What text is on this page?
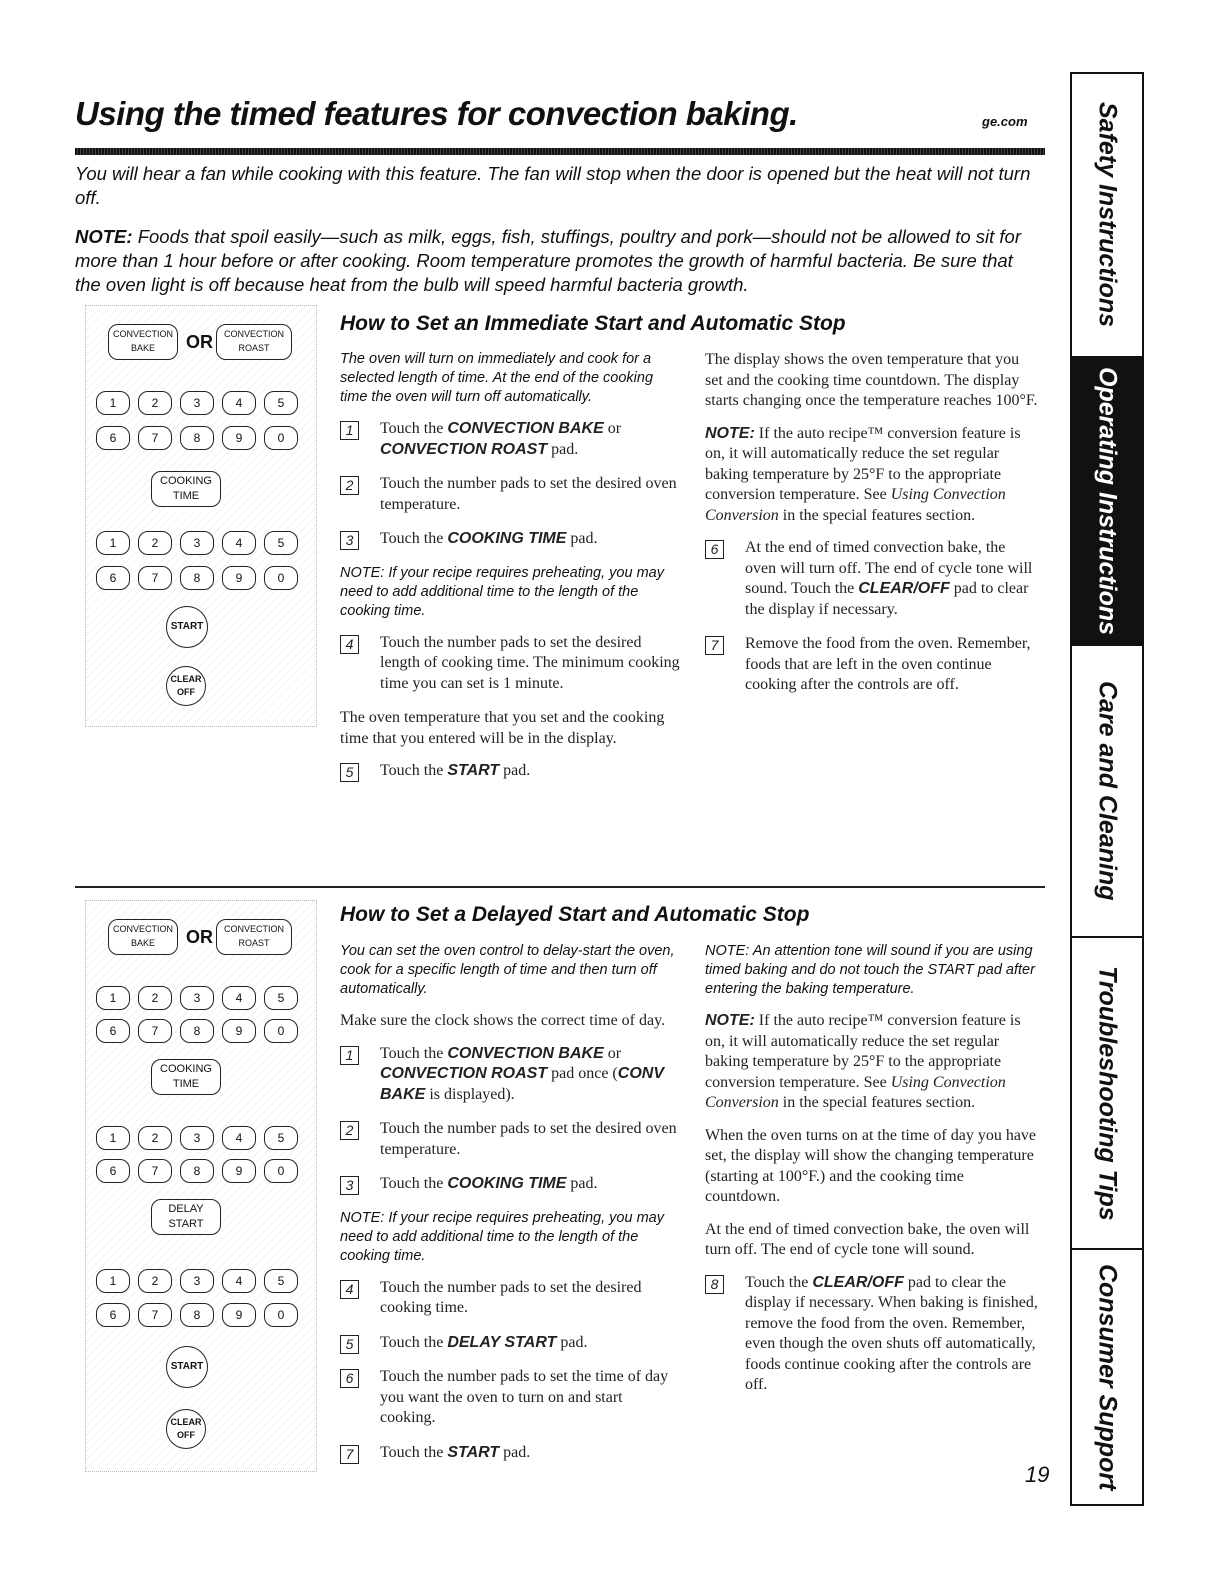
Using the timed features for convection baking.	ge.com
You will hear a fan while cooking with this feature. The fan will stop when the door is opened but the heat will not turn off.
NOTE: Foods that spoil easily—such as milk, eggs, fish, stuffings, poultry and pork—should not be allowed to sit for more than 1 hour before or after cooking. Room temperature promotes the growth of harmful bacteria. Be sure that the oven light is off because heat from the bulb will speed harmful bacteria growth.
CONVECTION BAKE	OR	CONVECTION ROAST
1	2	3	4	5
6	7	8	9	0
COOKING TIME
1	2	3	4	5
6	7	8	9	0
START
CLEAR OFF
How to Set an Immediate Start and Automatic Stop

The oven will turn on immediately and cook for a selected length of time. At the end of the cooking time the oven will turn off automatically.

1	Touch the CONVECTION BAKE or CONVECTION ROAST pad.
2	Touch the number pads to set the desired oven temperature.
3	Touch the COOKING TIME pad.

NOTE: If your recipe requires preheating, you may need to add additional time to the length of the cooking time.

4	Touch the number pads to set the desired length of cooking time. The minimum cooking time you can set is 1 minute.

The oven temperature that you set and the cooking time that you entered will be in the display.

5	Touch the START pad.

The display shows the oven temperature that you set and the cooking time countdown. The display starts changing once the temperature reaches 100°F.

NOTE: If the auto recipe™ conversion feature is on, it will automatically reduce the set regular baking temperature by 25°F to the appropriate conversion temperature. See Using Convection Conversion in the special features section.

6	At the end of timed convection bake, the oven will turn off. The end of cycle tone will sound. Touch the CLEAR/OFF pad to clear the display if necessary.
7	Remove the food from the oven. Remember, foods that are left in the oven continue cooking after the controls are off.
CONVECTION BAKE	OR	CONVECTION ROAST
1	2	3	4	5
6	7	8	9	0
COOKING TIME
1	2	3	4	5
6	7	8	9	0
DELAY START
1	2	3	4	5
6	7	8	9	0
START
CLEAR OFF
How to Set a Delayed Start and Automatic Stop

You can set the oven control to delay-start the oven, cook for a specific length of time and then turn off automatically.

Make sure the clock shows the correct time of day.

1	Touch the CONVECTION BAKE or CONVECTION ROAST pad once (CONV BAKE is displayed).
2	Touch the number pads to set the desired oven temperature.
3	Touch the COOKING TIME pad.

NOTE: If your recipe requires preheating, you may need to add additional time to the length of the cooking time.

4	Touch the number pads to set the desired cooking time.
5	Touch the DELAY START pad.
6	Touch the number pads to set the time of day you want the oven to turn on and start cooking.
7	Touch the START pad.

NOTE: An attention tone will sound if you are using timed baking and do not touch the START pad after entering the baking temperature.

NOTE: If the auto recipe™ conversion feature is on, it will automatically reduce the set regular baking temperature by 25°F to the appropriate conversion temperature. See Using Convection Conversion in the special features section.

When the oven turns on at the time of day you have set, the display will show the changing temperature (starting at 100°F.) and the cooking time countdown.

At the end of timed convection bake, the oven will turn off. The end of cycle tone will sound.

8	Touch the CLEAR/OFF pad to clear the display if necessary. When baking is finished, remove the food from the oven. Remember, even though the oven shuts off automatically, foods continue cooking after the controls are off.
19
Safety Instructions
Operating Instructions
Care and Cleaning
Troubleshooting Tips
Consumer Support
